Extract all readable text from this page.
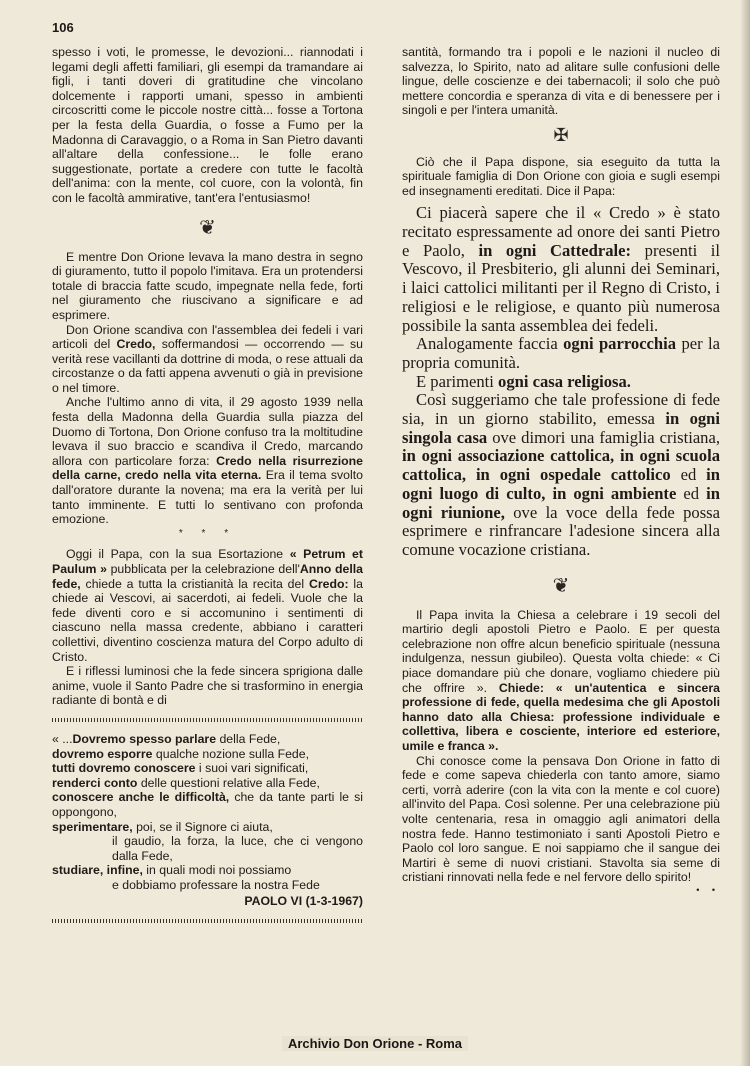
106

spesso i voti, le promesse, le devozioni... riannodati i legami degli affetti familiari, gli esempi da tramandare ai figli, i tanti doveri di gratitudine che vincolano dolcemente i rapporti umani, spesso in ambienti circoscritti come le piccole nostre città... fosse a Tortona per la festa della Guardia, o fosse a Fumo per la Madonna di Caravaggio, o a Roma in San Pietro davanti all'altare della confessione... le folle erano suggestionate, portate a credere con tutte le facoltà dell'anima: con la mente, col cuore, con la volontà, fin con le facoltà ammirative, tant'era l'entusiasmo!

❦

E mentre Don Orione levava la mano destra in segno di giuramento, tutto il popolo l'imitava. Era un protendersi totale di braccia fatte scudo, impegnate nella fede, forti nel giuramento che riuscivano a significare e ad esprimere.

Don Orione scandiva con l'assemblea dei fedeli i vari articoli del Credo, soffermandosi — occorrendo — su verità rese vacillanti da dottrine di moda, o rese attuali da circostanze o da fatti appena avvenuti o già in previsione o nel timore.

Anche l'ultimo anno di vita, il 29 agosto 1939 nella festa della Madonna della Guardia sulla piazza del Duomo di Tortona, Don Orione confuso tra la moltitudine levava il suo braccio e scandiva il Credo, marcando allora con particolare forza: Credo nella risurrezione della carne, credo nella vita eterna. Era il tema svolto dall'oratore durante la novena; ma era la verità per lui tanto imminente. E tutti lo sentivano con profonda emozione.

* * *

Oggi il Papa, con la sua Esortazione « Petrum et Paulum » pubblicata per la celebrazione dell'Anno della fede, chiede a tutta la cristianità la recita del Credo: la chiede ai Vescovi, ai sacerdoti, ai fedeli. Vuole che la fede diventi coro e si accomunino i sentimenti di ciascuno nella massa credente, abbiano i caratteri collettivi, diventino coscienza matura del Corpo adulto di Cristo.

E i riflessi luminosi che la fede sincera sprigiona dalle anime, vuole il Santo Padre che si trasformino in energia radiante di bontà e di

« ...Dovremo spesso parlare della Fede,

dovremo esporre qualche nozione sulla Fede,

tutti dovremo conoscere i suoi vari significati,

renderci conto delle questioni relative alla Fede,

conoscere anche le difficoltà, che da tante parti le si oppongono,

sperimentare, poi, se il Signore ci aiuta,

il gaudio, la forza, la luce, che ci vengono dalla Fede,

studiare, infine, in quali modi noi possiamo

e dobbiamo professare la nostra Fede

PAOLO VI (1-3-1967)

santità, formando tra i popoli e le nazioni il nucleo di salvezza, lo Spirito, nato ad alitare sulle confusioni delle lingue, delle coscienze e dei tabernacoli; il solo che può mettere concordia e speranza di vita e di benessere per i singoli e per l'intera umanità.

✠

Ciò che il Papa dispone, sia eseguito da tutta la spirituale famiglia di Don Orione con gioia e sugli esempi ed insegnamenti ereditati. Dice il Papa:

Ci piacerà sapere che il « Credo » è stato recitato espressamente ad onore dei santi Pietro e Paolo, in ogni Cattedrale: presenti il Vescovo, il Presbiterio, gli alunni dei Seminari, i laici cattolici militanti per il Regno di Cristo, i religiosi e le religiose, e quanto più numerosa possibile la santa assemblea dei fedeli.

Analogamente faccia ogni parrocchia per la propria comunità.

E parimenti ogni casa religiosa.

Così suggeriamo che tale professione di fede sia, in un giorno stabilito, emessa in ogni singola casa ove dimori una famiglia cristiana, in ogni associazione cattolica, in ogni scuola cattolica, in ogni ospedale cattolico ed in ogni luogo di culto, in ogni ambiente ed in ogni riunione, ove la voce della fede possa esprimere e rinfrancare l'adesione sincera alla comune vocazione cristiana.

❦

Il Papa invita la Chiesa a celebrare i 19 secoli del martirio degli apostoli Pietro e Paolo. E per questa celebrazione non offre alcun beneficio spirituale (nessuna indulgenza, nessun giubileo). Questa volta chiede: « Ci piace domandare più che donare, vogliamo chiedere più che offrire ». Chiede: « un'autentica e sincera professione di fede, quella medesima che gli Apostoli hanno dato alla Chiesa: professione individuale e collettiva, libera e cosciente, interiore ed esteriore, umile e franca ».

Chi conosce come la pensava Don Orione in fatto di fede e come sapeva chiederla con tanto amore, siamo certi, vorrà aderire (con la vita con la mente e col cuore) all'invito del Papa. Così solenne. Per una celebrazione più volte centenaria, resa in omaggio agli animatori della nostra fede. Hanno testimoniato i santi Apostoli Pietro e Paolo col loro sangue. E noi sappiamo che il sangue dei Martiri è seme di nuovi cristiani. Stavolta sia seme di cristiani rinnovati nella fede e nel fervore dello spirito!

• •
Archivio Don Orione - Roma
